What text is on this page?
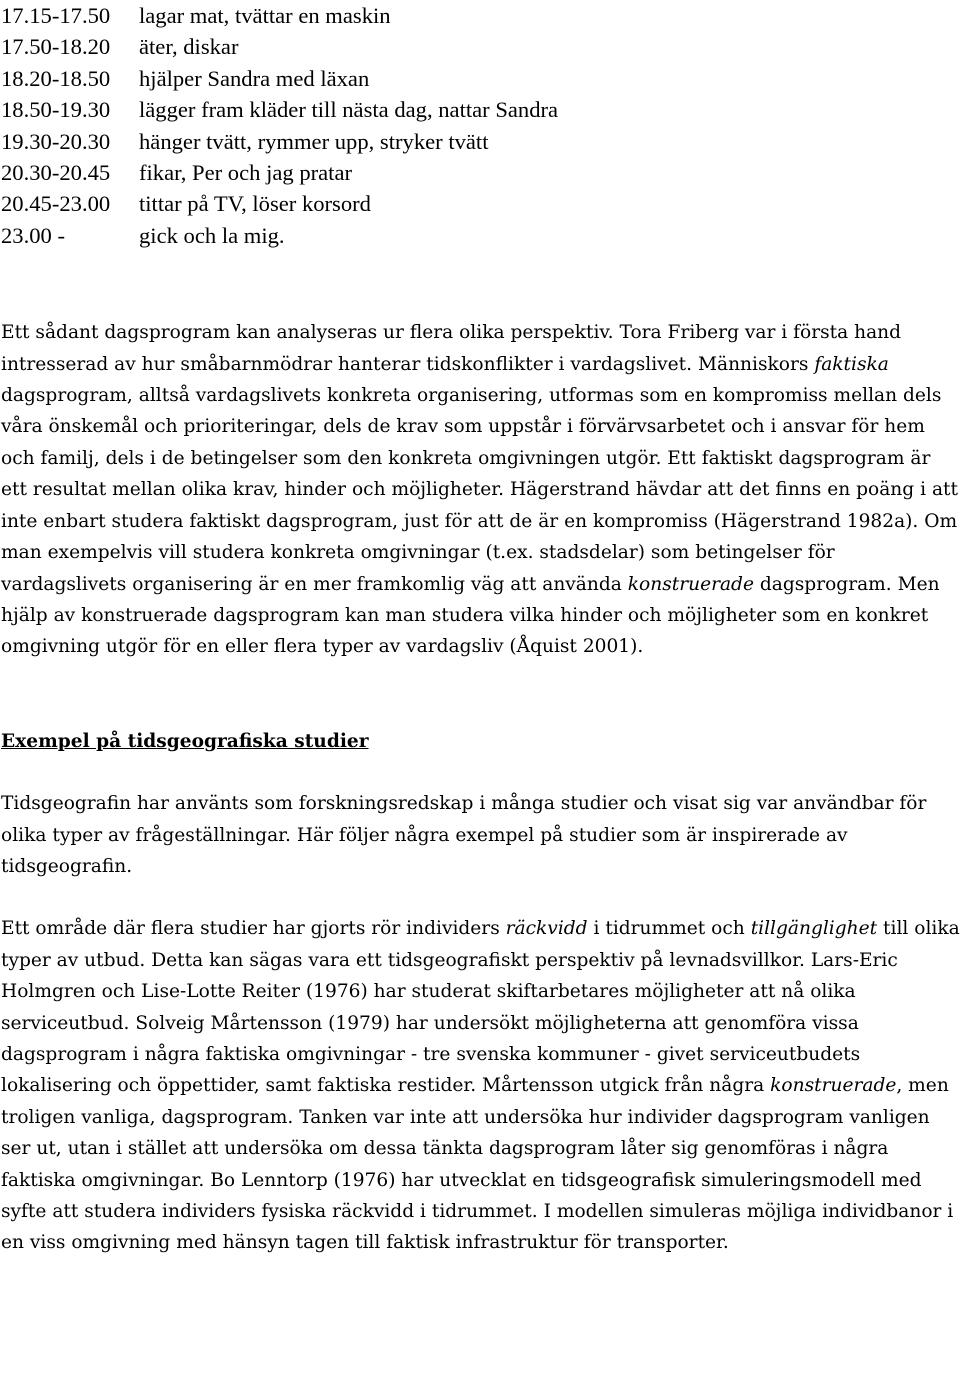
17.15-17.50	lagar mat, tvättar en maskin
17.50-18.20	äter, diskar
18.20-18.50	hjälper Sandra med läxan
18.50-19.30	lägger fram kläder till nästa dag, nattar Sandra
19.30-20.30	hänger tvätt, rymmer upp, stryker tvätt
20.30-20.45	fikar, Per och jag pratar
20.45-23.00	tittar på TV, löser korsord
23.00 -	gick och la mig.

Ett sådant dagsprogram kan analyseras ur flera olika perspektiv. Tora Friberg var i första hand intresserad av hur småbarnmödrar hanterar tidskonflikter i vardagslivet. Människors faktiska dagsprogram, alltså vardagslivets konkreta organisering, utformas som en kompromiss mellan dels våra önskemål och prioriteringar, dels de krav som uppstår i förvärvsarbetet och i ansvar för hem och familj, dels i de betingelser som den konkreta omgivningen utgör. Ett faktiskt dagsprogram är ett resultat mellan olika krav, hinder och möjligheter. Hägerstrand hävdar att det finns en poäng i att inte enbart studera faktiskt dagsprogram, just för att de är en kompromiss (Hägerstrand 1982a). Om man exempelvis vill studera konkreta omgivningar (t.ex. stadsdelar) som betingelser för vardagslivets organisering är en mer framkomlig väg att använda konstruerade dagsprogram. Men hjälp av konstruerade dagsprogram kan man studera vilka hinder och möjligheter som en konkret omgivning utgör för en eller flera typer av vardagsliv (Åquist 2001).

Exempel på tidsgeografiska studier

Tidsgeografin har använts som forskningsredskap i många studier och visat sig var användbar för olika typer av frågeställningar. Här följer några exempel på studier som är inspirerade av tidsgeografin.

Ett område där flera studier har gjorts rör individers räckvidd i tidrummet och tillgänglighet till olika typer av utbud. Detta kan sägas vara ett tidsgeografiskt perspektiv på levnadsvillkor. Lars-Eric Holmgren och Lise-Lotte Reiter (1976) har studerat skiftarbetares möjligheter att nå olika serviceutbud. Solveig Mårtensson (1979) har undersökt möjligheterna att genomföra vissa dagsprogram i några faktiska omgivningar - tre svenska kommuner - givet serviceutbudets lokalisering och öppettider, samt faktiska restider. Mårtensson utgick från några konstruerade, men troligen vanliga, dagsprogram. Tanken var inte att undersöka hur individer dagsprogram vanligen ser ut, utan i stället att undersöka om dessa tänkta dagsprogram låter sig genomföras i några faktiska omgivningar. Bo Lenntorp (1976) har utvecklat en tidsgeografisk simuleringsmodell med syfte att studera individers fysiska räckvidd i tidrummet. I modellen simuleras möjliga individbanor i en viss omgivning med hänsyn tagen till faktisk infrastruktur för transporter.
